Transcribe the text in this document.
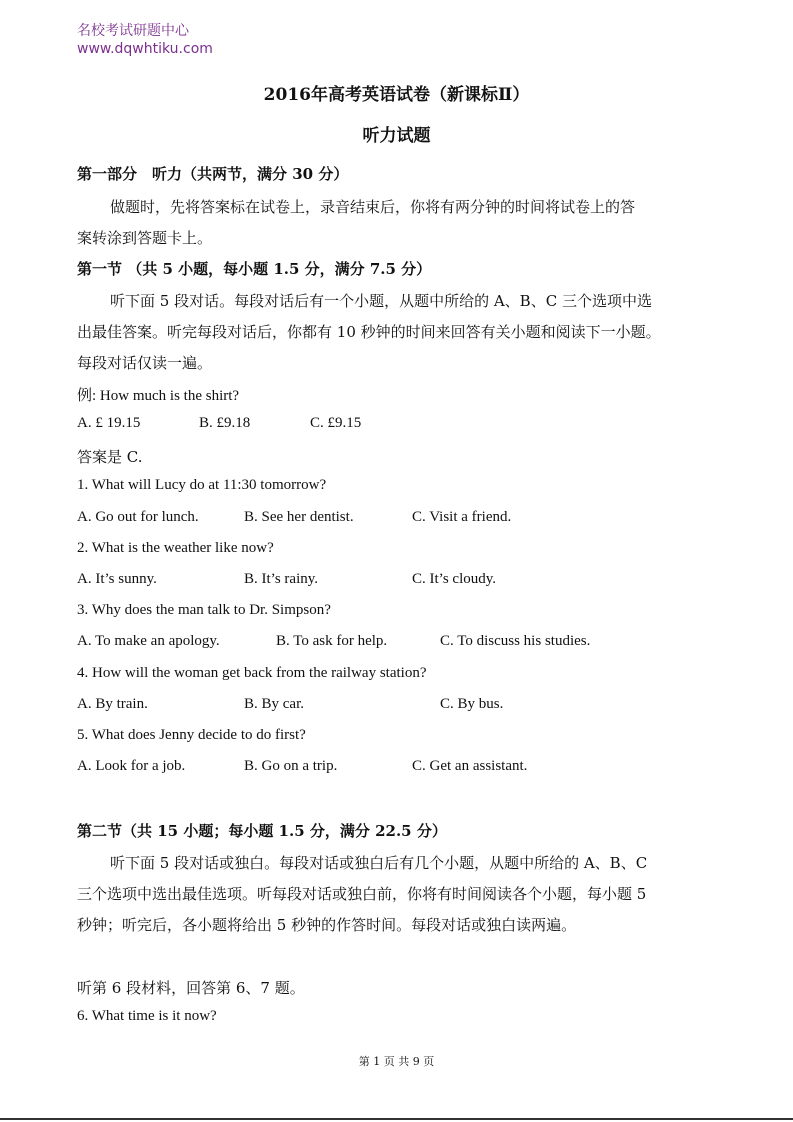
名校考试研题中心
www.dqwhtiku.com
2016年高考英语试卷（新课标Ⅱ）
听力试题
第一部分　听力（共两节，满分 30 分）
做题时，先将答案标在试卷上，录音结束后，你将有两分钟的时间将试卷上的答
案转涂到答题卡上。
第一节 （共 5 小题，每小题 1.5 分，满分 7.5 分）
听下面 5 段对话。每段对话后有一个小题，从题中所给的 A、B、C 三个选项中选
出最佳答案。听完每段对话后，你都有 10 秒钟的时间来回答有关小题和阅读下一小题。
每段对话仅读一遍。
例: How much is the shirt?
A. £ 19.15	B. £9.18	C. £9.15
答案是 C.
1. What will Lucy do at 11:30 tomorrow?
A. Go out for lunch.	B. See her dentist.	C. Visit a friend.
2. What is the weather like now?
A. It’s sunny.	B. It’s rainy.	C. It’s cloudy.
3. Why does the man talk to Dr. Simpson?
A. To make an apology.	B. To ask for help.	C. To discuss his studies.
4. How will the woman get back from the railway station?
A. By train.	B. By car.	C. By bus.
5. What does Jenny decide to do first?
A. Look for a job.	B. Go on a trip.	C. Get an assistant.
第二节（共 15 小题；每小题 1.5 分，满分 22.5 分）
听下面 5 段对话或独白。每段对话或独白后有几个小题，从题中所给的 A、B、C
三个选项中选出最佳选项。听每段对话或独白前，你将有时间阅读各个小题，每小题 5
秒钟；听完后，各小题将给出 5 秒钟的作答时间。每段对话或独白读两遍。
听第 6 段材料，回答第 6、7 题。
6. What time is it now?
第 1 页 共 9 页
